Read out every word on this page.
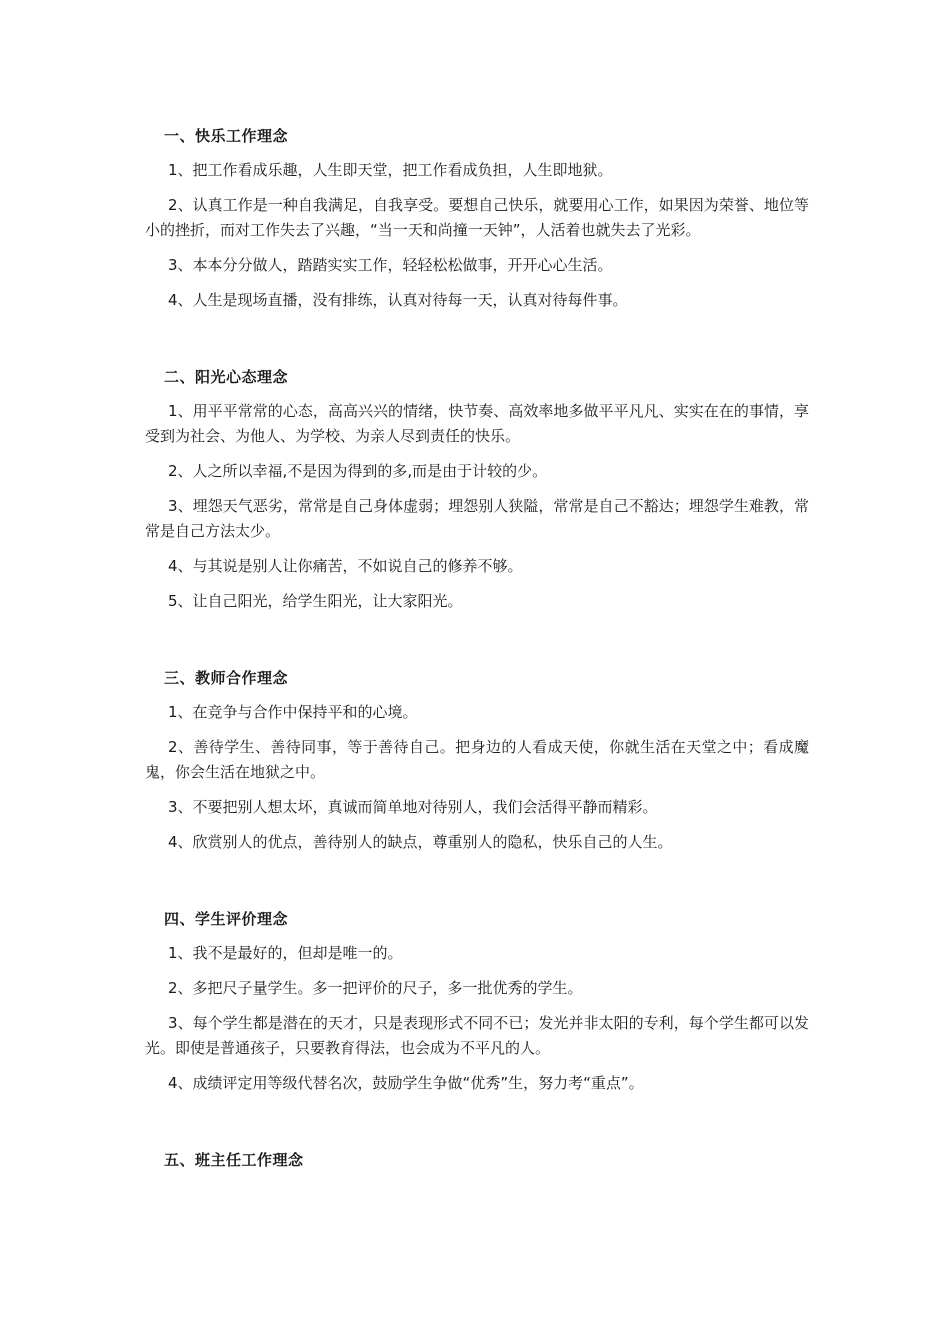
一、快乐工作理念

1、把工作看成乐趣，人生即天堂，把工作看成负担，人生即地狱。

2、认真工作是一种自我满足，自我享受。要想自己快乐，就要用心工作，如果因为荣誉、地位等小的挫折，而对工作失去了兴趣，“当一天和尚撞一天钟”，人活着也就失去了光彩。

3、本本分分做人，踏踏实实工作，轻轻松松做事，开开心心生活。

4、人生是现场直播，没有排练，认真对待每一天，认真对待每件事。

二、阳光心态理念

1、用平平常常的心态，高高兴兴的情绪，快节奏、高效率地多做平平凡凡、实实在在的事情，享受到为社会、为他人、为学校、为亲人尽到责任的快乐。

2、人之所以幸福,不是因为得到的多,而是由于计较的少。

3、埋怨天气恶劣，常常是自己身体虚弱；埋怨别人狭隘，常常是自己不豁达；埋怨学生难教，常常是自己方法太少。

4、与其说是别人让你痛苦，不如说自己的修养不够。

5、让自己阳光，给学生阳光，让大家阳光。

三、教师合作理念

1、在竞争与合作中保持平和的心境。

2、善待学生、善待同事，等于善待自己。把身边的人看成天使，你就生活在天堂之中；看成魔鬼，你会生活在地狱之中。

3、不要把别人想太坏，真诚而简单地对待别人，我们会活得平静而精彩。

4、欣赏别人的优点，善待别人的缺点，尊重别人的隐私，快乐自己的人生。

四、学生评价理念

1、我不是最好的，但却是唯一的。

2、多把尺子量学生。多一把评价的尺子，多一批优秀的学生。

3、每个学生都是潜在的天才，只是表现形式不同不已；发光并非太阳的专利，每个学生都可以发光。即使是普通孩子，只要教育得法，也会成为不平凡的人。

4、成绩评定用等级代替名次，鼓励学生争做“优秀”生，努力考“重点”。

五、班主任工作理念
